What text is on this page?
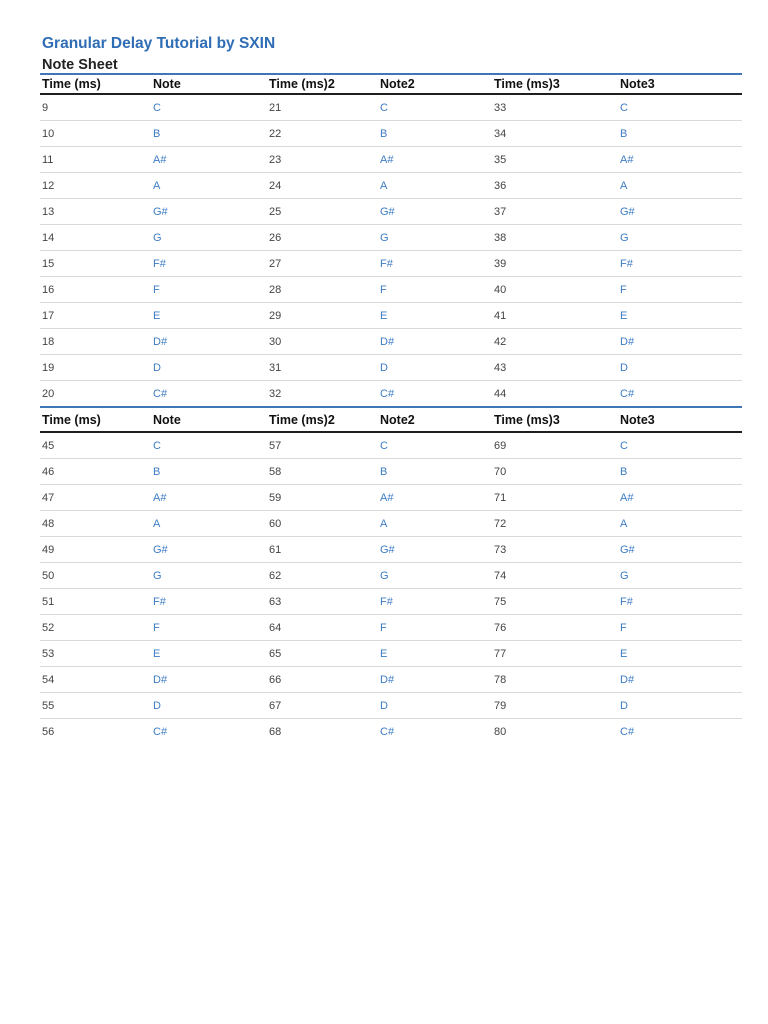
Granular Delay Tutorial by SXIN
Note Sheet
Time (ms)	Note	Time (ms)2	Note2	Time (ms)3	Note3
9	C	21	C	33	C
10	B	22	B	34	B
11	A#	23	A#	35	A#
12	A	24	A	36	A
13	G#	25	G#	37	G#
14	G	26	G	38	G
15	F#	27	F#	39	F#
16	F	28	F	40	F
17	E	29	E	41	E
18	D#	30	D#	42	D#
19	D	31	D	43	D
20	C#	32	C#	44	C#
Time (ms)	Note	Time (ms)2	Note2	Time (ms)3	Note3
45	C	57	C	69	C
46	B	58	B	70	B
47	A#	59	A#	71	A#
48	A	60	A	72	A
49	G#	61	G#	73	G#
50	G	62	G	74	G
51	F#	63	F#	75	F#
52	F	64	F	76	F
53	E	65	E	77	E
54	D#	66	D#	78	D#
55	D	67	D	79	D
56	C#	68	C#	80	C#
